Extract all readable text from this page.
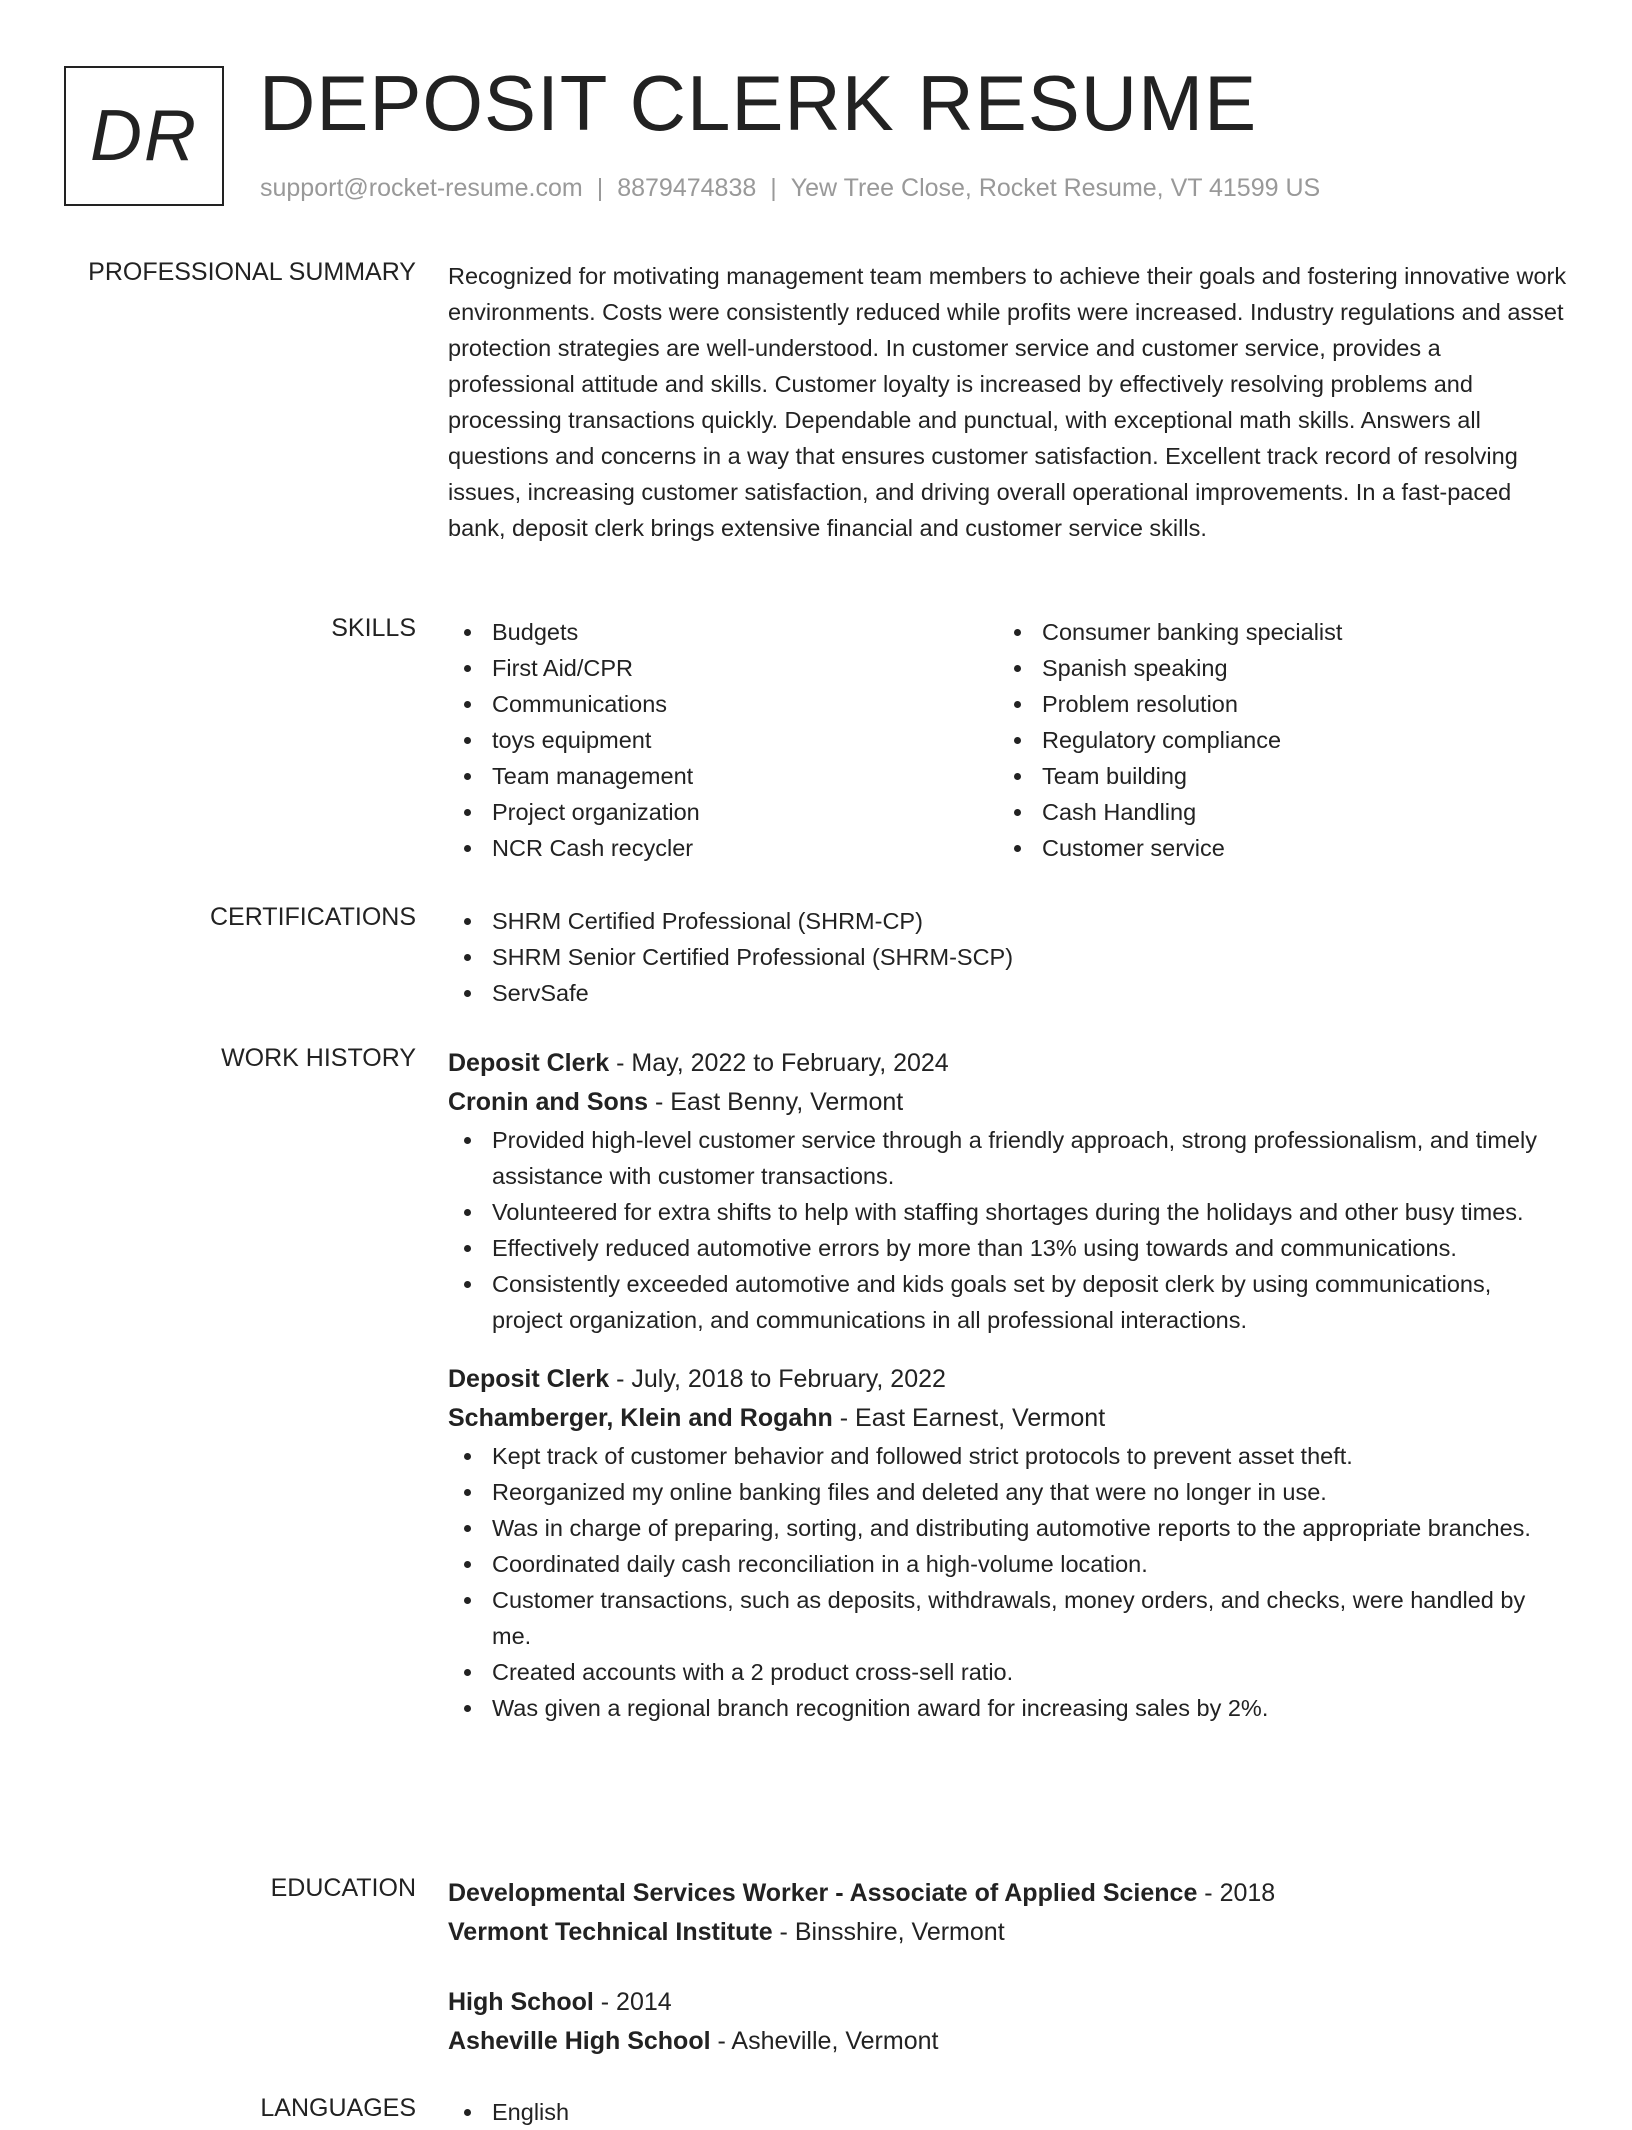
DR DEPOSIT CLERK RESUME
support@rocket-resume.com | 8879474838 | Yew Tree Close, Rocket Resume, VT 41599 US
PROFESSIONAL SUMMARY Recognized for motivating management team members to achieve their goals and fostering innovative work environments. Costs were consistently reduced while profits were increased. Industry regulations and asset protection strategies are well-understood. In customer service and customer service, provides a professional attitude and skills. Customer loyalty is increased by effectively resolving problems and processing transactions quickly. Dependable and punctual, with exceptional math skills. Answers all questions and concerns in a way that ensures customer satisfaction. Excellent track record of resolving issues, increasing customer satisfaction, and driving overall operational improvements. In a fast-paced bank, deposit clerk brings extensive financial and customer service skills.

SKILLS	Budgets
First Aid/CPR
Communications
toys equipment
Team management
Project organization
NCR Cash recycler
Consumer banking specialist
Spanish speaking
Problem resolution
Regulatory compliance
Team building
Cash Handling
Customer service
CERTIFICATIONS	SHRM Certified Professional (SHRM-CP)
SHRM Senior Certified Professional (SHRM-SCP)
ServSafe
WORK HISTORY Deposit Clerk - May, 2022 to February, 2024
Cronin and Sons - East Benny, Vermont
Provided high-level customer service through a friendly approach, strong professionalism, and timely assistance with customer transactions.
Volunteered for extra shifts to help with staffing shortages during the holidays and other busy times.
Effectively reduced automotive errors by more than 13% using towards and communications.
Consistently exceeded automotive and kids goals set by deposit clerk by using communications, project organization, and communications in all professional interactions.
Deposit Clerk - July, 2018 to February, 2022
Schamberger, Klein and Rogahn - East Earnest, Vermont
Kept track of customer behavior and followed strict protocols to prevent asset theft.
Reorganized my online banking files and deleted any that were no longer in use.
Was in charge of preparing, sorting, and distributing automotive reports to the appropriate branches.
Coordinated daily cash reconciliation in a high-volume location.
Customer transactions, such as deposits, withdrawals, money orders, and checks, were handled by me.
Created accounts with a 2 product cross-sell ratio.
Was given a regional branch recognition award for increasing sales by 2%.
EDUCATION Developmental Services Worker - Associate of Applied Science - 2018
Vermont Technical Institute - Binsshire, Vermont
High School - 2014
Asheville High School - Asheville, Vermont
LANGUAGES	English
